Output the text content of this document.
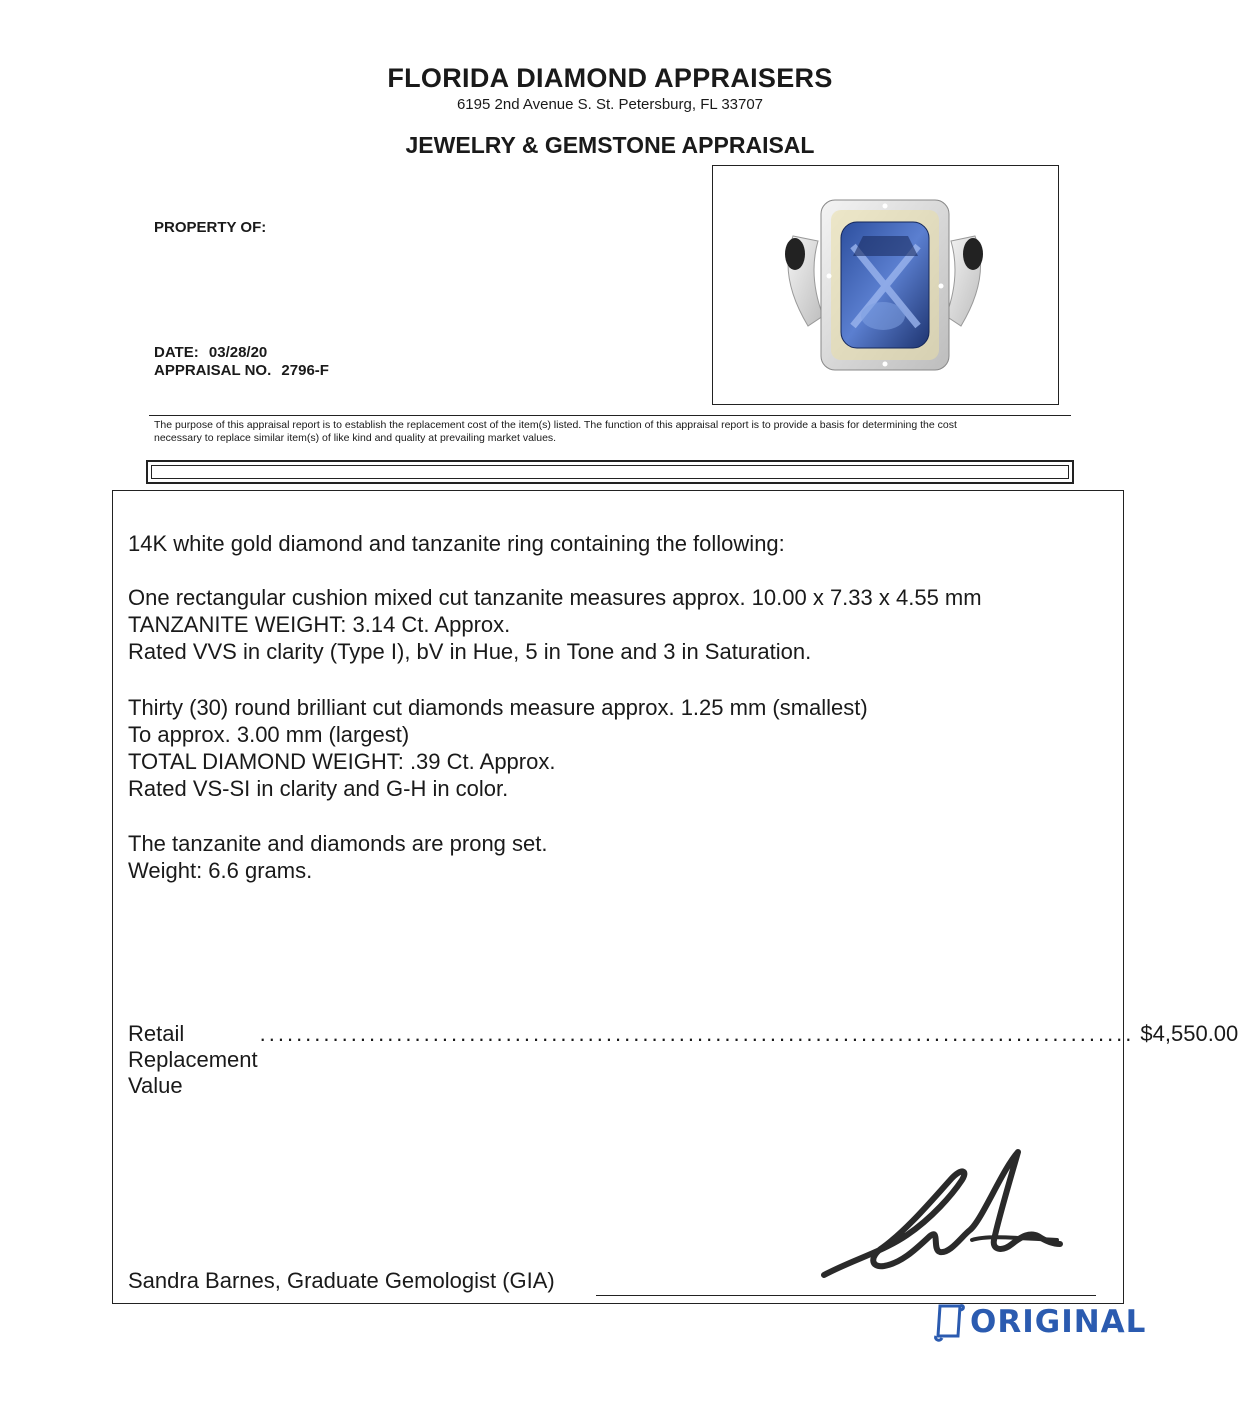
FLORIDA DIAMOND APPRAISERS
6195 2nd Avenue S. St. Petersburg, FL 33707
JEWELRY & GEMSTONE APPRAISAL
PROPERTY OF:
DATE: 03/28/20
APPRAISAL NO. 2796-F
The purpose of this appraisal report is to establish the replacement cost of the item(s) listed. The function of this appraisal report is to provide a basis for determining the cost
necessary to replace similar item(s) of like kind and quality at prevailing market values.
14K white gold diamond and tanzanite ring containing the following:
One rectangular cushion mixed cut tanzanite measures approx. 10.00 x 7.33 x 4.55 mm
TANZANITE WEIGHT: 3.14 Ct. Approx.
Rated VVS in clarity (Type I), bV in Hue, 5 in Tone and 3 in Saturation.
Thirty (30) round brilliant cut diamonds measure approx. 1.25 mm (smallest)
To approx. 3.00 mm (largest)
TOTAL DIAMOND WEIGHT: .39 Ct. Approx.
Rated VS-SI in clarity and G-H in color.
The tanzanite and diamonds are prong set.
Weight: 6.6 grams.
Retail Replacement Value
................................................................................................ $4,550.00
Sandra Barnes, Graduate Gemologist (GIA)
ORIGINAL
